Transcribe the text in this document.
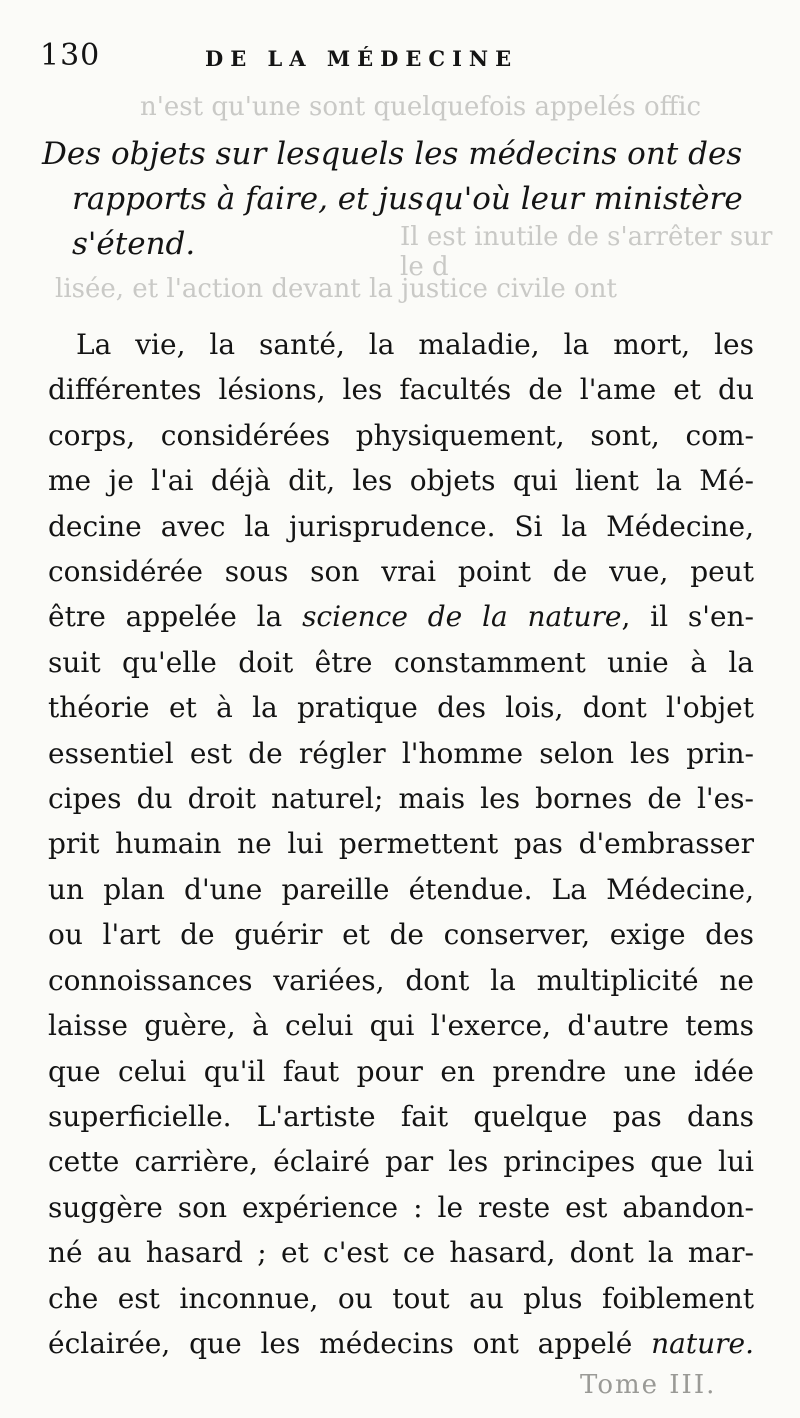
n'est qu'une sont quelquefois appelés offic
Il est inutile de s'arrêter sur le d
lisée, et l'action devant la justice civile ont
130	DE LA MÉDECINE
Des objets sur lesquels les médecins ont des
rapports à faire, et jusqu'où leur ministère
s'étend.
La vie, la santé, la maladie, la mort, les
différentes lésions, les facultés de l'ame et du
corps, considérées physiquement, sont, com-
me je l'ai déjà dit, les objets qui lient la Mé-
decine avec la jurisprudence. Si la Médecine,
considérée sous son vrai point de vue, peut
être appelée la science de la nature, il s'en-
suit qu'elle doit être constamment unie à la
théorie et à la pratique des lois, dont l'objet
essentiel est de régler l'homme selon les prin-
cipes du droit naturel; mais les bornes de l'es-
prit humain ne lui permettent pas d'embrasser
un plan d'une pareille étendue. La Médecine,
ou l'art de guérir et de conserver, exige des
connoissances variées, dont la multiplicité ne
laisse guère, à celui qui l'exerce, d'autre tems
que celui qu'il faut pour en prendre une idée
superficielle. L'artiste fait quelque pas dans
cette carrière, éclairé par les principes que lui
suggère son expérience : le reste est abandon-
né au hasard ; et c'est ce hasard, dont la mar-
che est inconnue, ou tout au plus foiblement
éclairée, que les médecins ont appelé nature.
Tome III.
